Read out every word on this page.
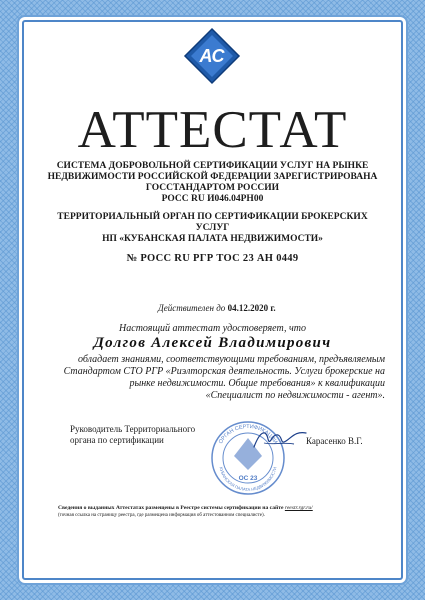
АС
АТТЕСТАТ
СИСТЕМА ДОБРОВОЛЬНОЙ СЕРТИФИКАЦИИ УСЛУГ НА РЫНКЕ
НЕДВИЖИМОСТИ РОССИЙСКОЙ ФЕДЕРАЦИИ ЗАРЕГИСТРИРОВАНА
ГОССТАНДАРТОМ РОССИИ
РОСС RU И046.04РН00
ТЕРРИТОРИАЛЬНЫЙ ОРГАН ПО СЕРТИФИКАЦИИ БРОКЕРСКИХ УСЛУГ
НП «КУБАНСКАЯ ПАЛАТА НЕДВИЖИМОСТИ»
№ РОСС RU РГР ТОС 23 АН 0449
Действителен до 04.12.2020 г.
Настоящий аттестат удостоверяет, что
Долгов Алексей Владимирович
обладает знаниями, соответствующими требованиям, предъявляемым
Стандартом СТО РГР «Риэлторская деятельность. Услуги брокерские на
рынке недвижимости. Общие требования» к квалификации
«Специалист по недвижимости - агент».
Руководитель Территориального
органа по сертификации	ОРГАН СЕРТИФИКАЦИИ
КУБАНСКАЯ ПАЛАТА НЕДВИЖИМОСТИ
ОС 23
Карасенко В.Г.
Сведения о выданных Аттестатах размещены в Реестре системы сертификации на сайте reestr.rgr.ru/
(точная ссылка на страницу реестра, где размещена информация об аттестованном специалисте).
